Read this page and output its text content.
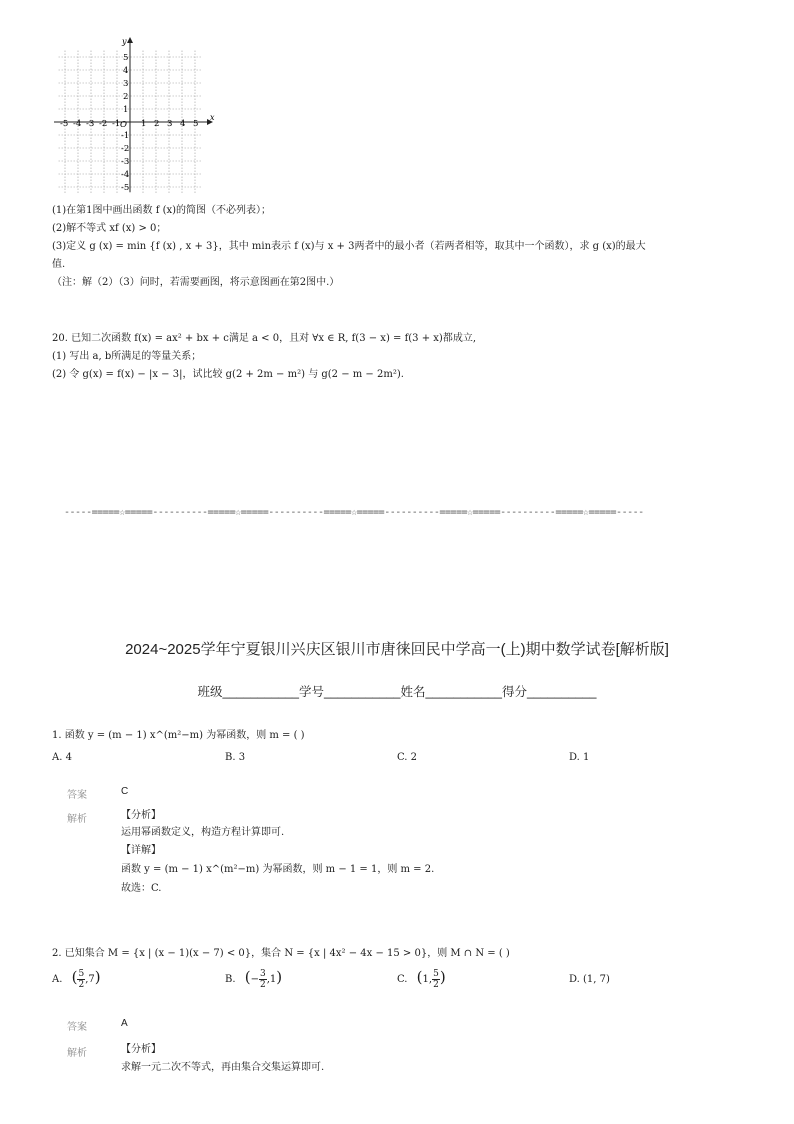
x
y
O
-5 -4 -3 -2 -1 1 2 3 4 5
5
4
3
2
1
-1
-2
-3
-4
-5
(1)在第1图中画出函数 f (x)的简图（不必列表）；
(2)解不等式 xf (x) > 0；
(3)定义 g (x) = min {f (x) , x + 3}，其中 min表示 f (x)与 x + 3两者中的最小者（若两者相等，取其中一个函数），求 g (x)的最大
值.
（注：解（2）（3）问时，若需要画图，将示意图画在第2图中.）
20. 已知二次函数 f(x) = ax² + bx + c满足 a < 0，且对 ∀x ∈ R, f(3 − x) = f(3 + x)都成立,
(1) 写出 a, b所满足的等量关系；
(2) 令 g(x) = f(x) − |x − 3|，试比较 g(2 + 2m − m²) 与 g(2 − m − 2m²).
-----=====☆=====----------=====☆=====----------=====☆=====----------=====☆=====----------=====☆=====-----
2024~2025学年宁夏银川兴庆区银川市唐徕回民中学高一(上)期中数学试卷[解析版]
班级___________学号___________姓名___________得分__________
1. 函数 y = (m − 1) x^(m²−m) 为幂函数，则 m = ( )
A. 4	B. 3	C. 2	D. 1
答案	C
解析	【分析】
运用幂函数定义，构造方程计算即可.
【详解】
函数 y = (m − 1) x^(m²−m) 为幂函数，则 m − 1 = 1，则 m = 2.
故选：C.
2. 已知集合 M = {x | (x − 1)(x − 7) < 0}，集合 N = {x | 4x² − 4x − 15 > 0}，则 M ∩ N = ( )
A. ( $\frac{5}{2} ,7$)	B. (− $\frac{3}{2} ,1$)	C. (1, $\frac{5}{2}$ )	D. (1, 7)
答案	A
解析	【分析】
求解一元二次不等式，再由集合交集运算即可.
